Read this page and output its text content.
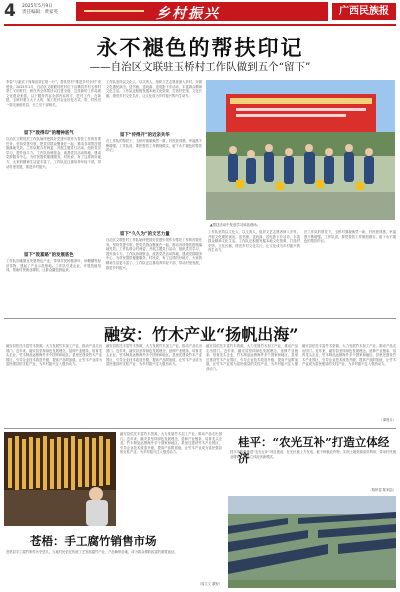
4 2025年5月9日
责任编辑：黄家英	乡村振兴	广西民族报
永不褪色的帮扶印记
——自治区文联驻玉桥村工作队做到五个“留下”
李泰“与嘉宾子视频宣讲汇报一行”。帮扶驻村“推进乡村全村”来建设。2025年1月，自治区文联联结驻村位于沿横县乡村玉桥村蔡仁叉的驻村，被在内全体帮扶以打进全面，这张新的工作局面文化建设来看，以下服务内容全部内容的方，驻村工作，在新帮，玉桥村要文大下大的，加工驻村企业好处方式，带，村民们一面交流组驻县，行之后干部相关。
留下“致得印”的精神底气
自治区文联驻村工作队始终把抓好党建引领作为帮扶工作的首要任务，坚持党建引领，把党员群众聚拢在一起，推动各项帮扶措施落地见效。工作队联合村两委，开展主题党日活动，组织党员学习，提升战斗力。工作队协调资金，改善党员活动阵地，建成党群服务中心，为村民提供便捷服务。村民说，有了这样的好地方，大家的精神生活更丰富了。工作队还注重培养年轻干部，带动村里发展，推进乡村振兴。
留下“致富路”的发展底色
工作队因地制宜发展特色产业，带领村民种植茶叶、砂糖橘等经济作物，建起了产业示范基地。工作队引进企业，开展技能培训，帮助村民就业增收，让群众腰包鼓起来。
工作队坚持以文化人、以文育人，组织文艺志愿者深入乡村，开展文化惠民演出，送书画、送戏曲、送电影下乡活动，丰富群众精神文化生活。工作队还积极发掘本地文化资源，打造村史馆、文化长廊，擦亮乡村文化名片，让文化成为乡村振兴的内生动力。
留下“传得开”的近亲共华
在工作队的帮扶下，玉桥村面貌焕然一新，村民获得感、幸福感不断增强。工作队说，要把帮扶工作做细做实，留下永不褪色的帮扶印记。
留下“久久为”的文艺力量
自治区文联驻村工作队始终把抓好党建引领作为帮扶工作的首要任务，坚持党建引领，把党员群众聚拢在一起，推动各项帮扶措施落地见效。工作队联合村两委，开展主题党日活动，组织党员学习，提升战斗力。工作队协调资金，改善党员活动阵地，建成党群服务中心，为村民提供便捷服务。村民说，有了这样的好地方，大家的精神生活更丰富了。工作队还注重培养年轻干部，带动村里发展，推进乡村振兴。
▲帮扶活动中发放学习用品现场。
工作队坚持以文化人、以文育人，组织文艺志愿者深入乡村，开展文化惠民演出，送书画、送戏曲、送电影下乡活动，丰富群众精神文化生活。工作队还积极发掘本地文化资源，打造村史馆、文化长廊，擦亮乡村文化名片，让文化成为乡村振兴的内生动力。
在工作队的帮扶下，玉桥村面貌焕然一新，村民获得感、幸福感不断增强。工作队说，要把帮扶工作做细做实，留下永不褪色的帮扶印记。
融安：竹木产业“扬帆出海”
融安县依托丰富竹木资源，大力发展竹木加工产业，推动产品走出国门。近年来，融安县坚持绿色发展理念，延伸产业链条，培育龙头企业，竹木制品远销海外多个国家和地区。县里还建设竹木产业园区，引导企业技术改造升级，提高产品附加值，让竹木产业成为富民强县的支柱产业，为乡村振兴注入强劲动力。
融安县依托丰富竹木资源，大力发展竹木加工产业，推动产品走出国门。近年来，融安县坚持绿色发展理念，延伸产业链条，培育龙头企业，竹木制品远销海外多个国家和地区。县里还建设竹木产业园区，引导企业技术改造升级，提高产品附加值，让竹木产业成为富民强县的支柱产业，为乡村振兴注入强劲动力。
融安县依托丰富竹木资源，大力发展竹木加工产业，推动产品走出国门。近年来，融安县坚持绿色发展理念，延伸产业链条，培育龙头企业，竹木制品远销海外多个国家和地区。县里还建设竹木产业园区，引导企业技术改造升级，提高产品附加值，让竹木产业成为富民强县的支柱产业，为乡村振兴注入强劲动力。
融安县依托丰富竹木资源，大力发展竹木加工产业，推动产品走出国门。近年来，融安县坚持绿色发展理念，延伸产业链条，培育龙头企业，竹木制品远销海外多个国家和地区。县里还建设竹木产业园区，引导企业技术改造升级，提高产品附加值，让竹木产业成为富民强县的支柱产业，为乡村振兴注入强劲动力。
（谭敦本）
融安县依托丰富竹木资源，大力发展竹木加工产业，推动产品走出国门。近年来，融安县坚持绿色发展理念，延伸产业链条，培育龙头企业，竹木制品远销海外多个国家和地区。县里还建设竹木产业园区，引导企业技术改造升级，提高产品附加值，让竹木产业成为富民强县的支柱产业，为乡村振兴注入强劲动力。
苍梧：手工腐竹销售市场
苍梧县手工腐竹制作历史悠久，当地村民依托传统工艺发展腐竹产业，产品畅销各地，成为群众增收致富的重要途径。
（周文文 董锐）
桂平：“农光互补”打造立体经济
桂平市积极推进“农光互补”项目建设，在光伏板上方发电、板下种植农作物，实现土地资源高效利用，带动村民就业增收，打造立体经济新模式。
（陈桥春 陈家陆）
